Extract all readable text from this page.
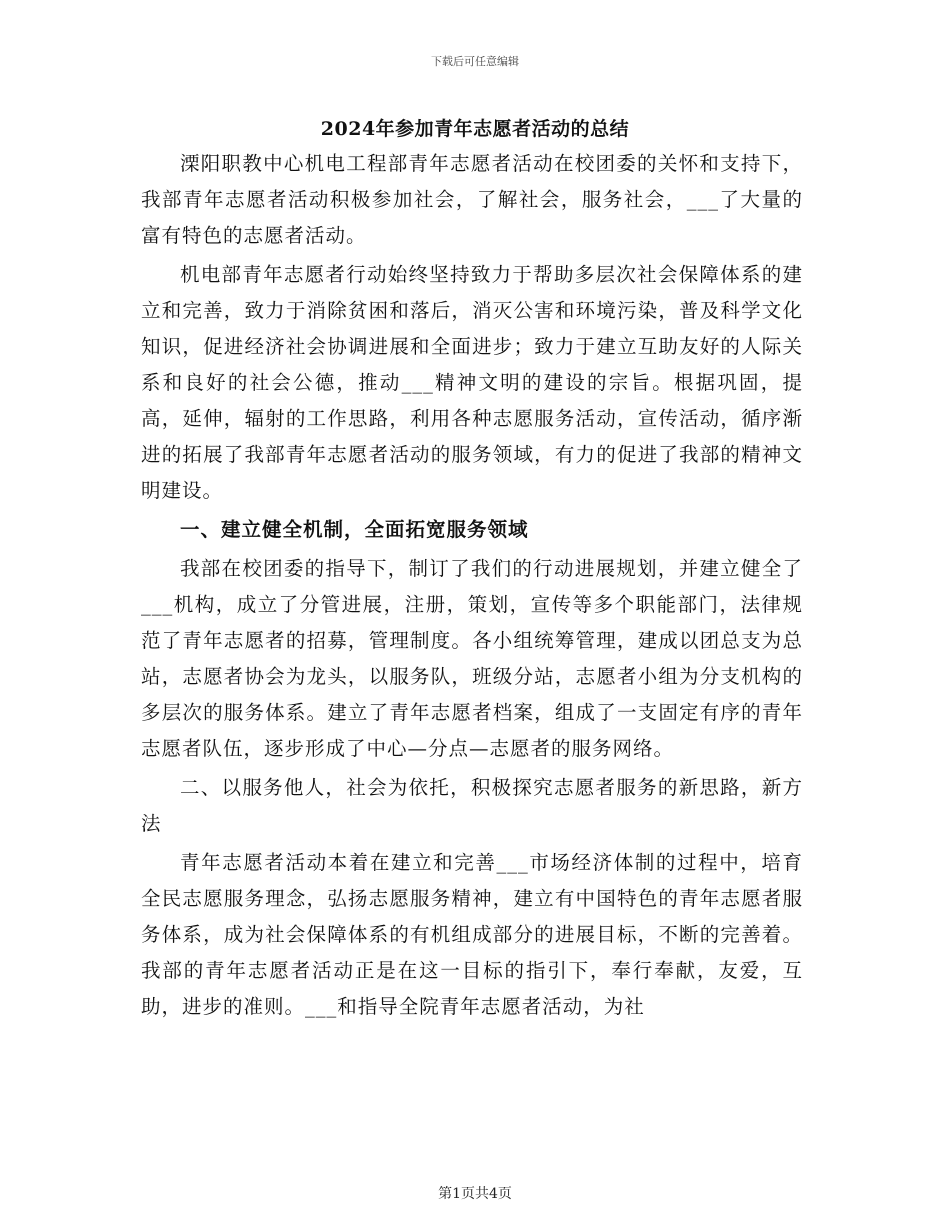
下载后可任意编辑
2024年参加青年志愿者活动的总结

溧阳职教中心机电工程部青年志愿者活动在校团委的关怀和支持下，我部青年志愿者活动积极参加社会，了解社会，服务社会，___了大量的富有特色的志愿者活动。

机电部青年志愿者行动始终坚持致力于帮助多层次社会保障体系的建立和完善，致力于消除贫困和落后，消灭公害和环境污染，普及科学文化知识，促进经济社会协调进展和全面进步；致力于建立互助友好的人际关系和良好的社会公德，推动___精神文明的建设的宗旨。根据巩固，提高，延伸，辐射的工作思路，利用各种志愿服务活动，宣传活动，循序渐进的拓展了我部青年志愿者活动的服务领域，有力的促进了我部的精神文明建设。

一、建立健全机制，全面拓宽服务领域

我部在校团委的指导下，制订了我们的行动进展规划，并建立健全了___机构，成立了分管进展，注册，策划，宣传等多个职能部门，法律规范了青年志愿者的招募，管理制度。各小组统筹管理，建成以团总支为总站，志愿者协会为龙头，以服务队，班级分站，志愿者小组为分支机构的多层次的服务体系。建立了青年志愿者档案，组成了一支固定有序的青年志愿者队伍，逐步形成了中心—分点—志愿者的服务网络。

二、以服务他人，社会为依托，积极探究志愿者服务的新思路，新方法

青年志愿者活动本着在建立和完善___市场经济体制的过程中，培育全民志愿服务理念，弘扬志愿服务精神，建立有中国特色的青年志愿者服务体系，成为社会保障体系的有机组成部分的进展目标，不断的完善着。我部的青年志愿者活动正是在这一目标的指引下，奉行奉献，友爱，互助，进步的准则。___和指导全院青年志愿者活动，为社

第1页共4页
